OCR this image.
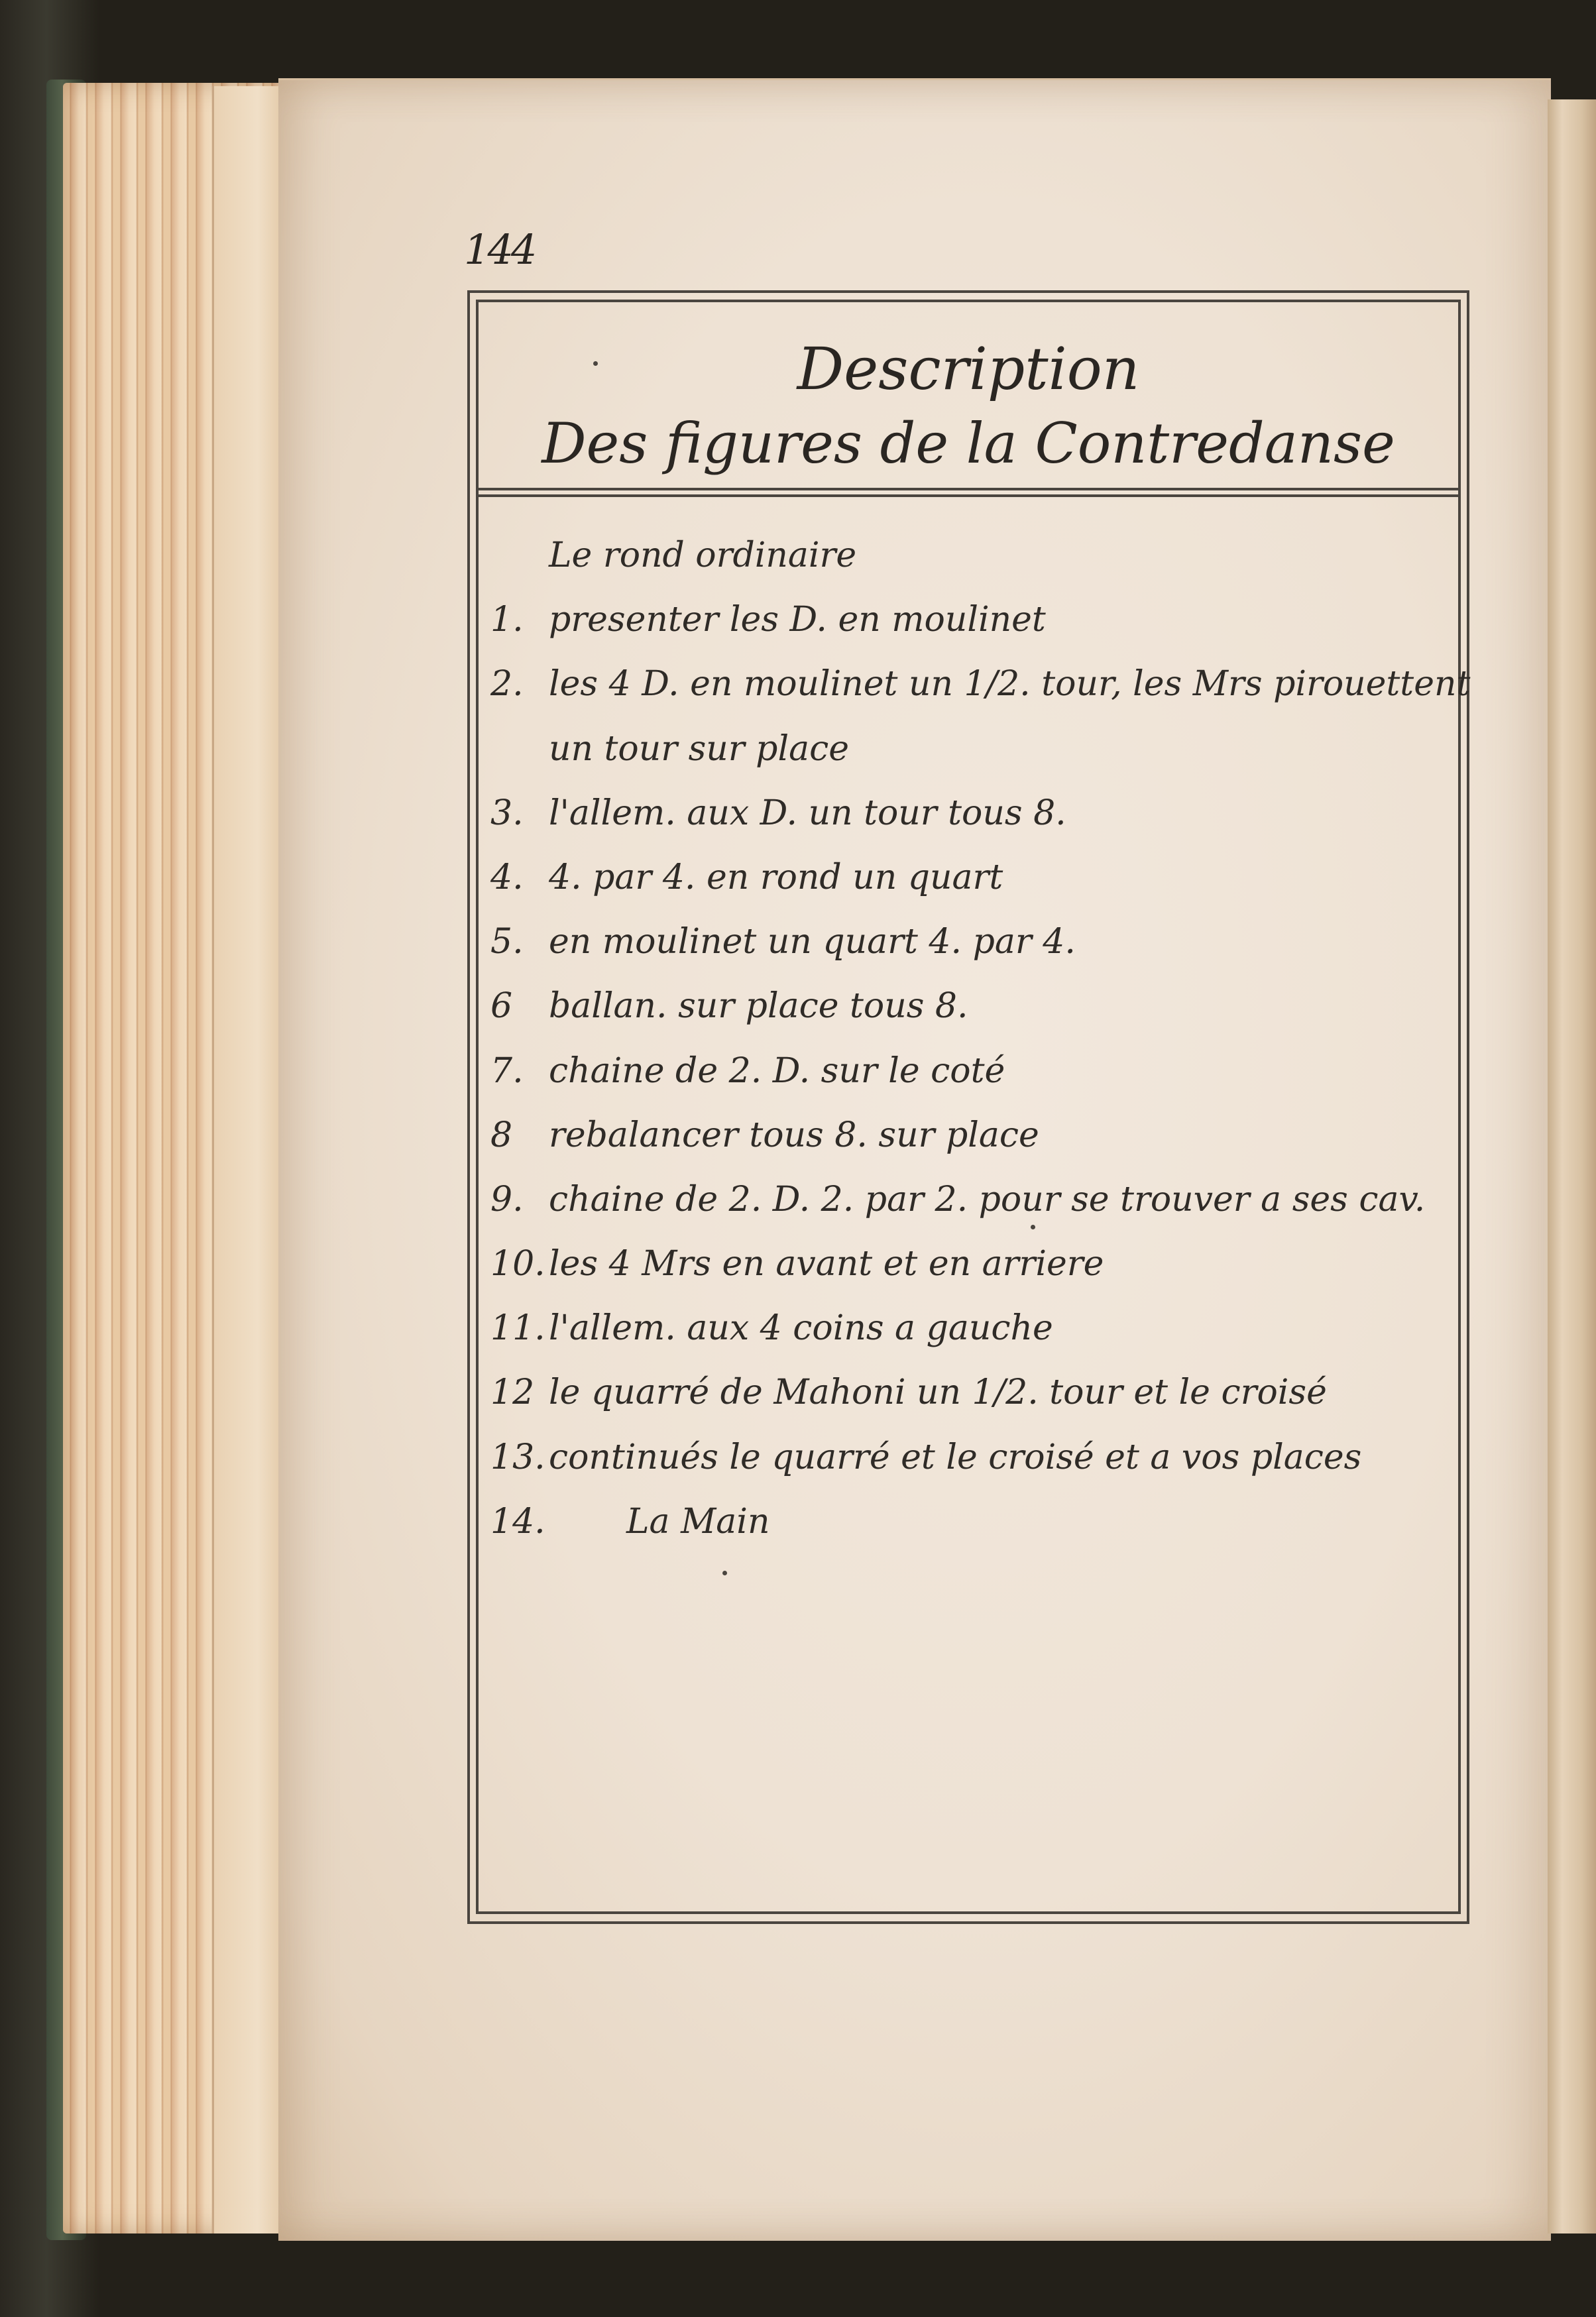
144
Description
Des figures de la Contredanse
Le rond ordinaire
1. presenter les D. en moulinet
2. les 4 D. en moulinet un 1/2. tour, les Mrs pirouettent
un tour sur place
3. l'allem. aux D. un tour tous 8.
4. 4. par 4. en rond un quart
5. en moulinet un quart 4. par 4.
6	ballan. sur place tous 8.
7. chaine de 2. D. sur le coté
8	rebalancer tous 8. sur place
9. chaine de 2. D. 2. par 2. pour se trouver a ses cav.
10. les 4 Mrs en avant et en arriere
11. l'allem. aux 4 coins a gauche
12 le quarré de Mahoni un 1/2. tour et le croisé
13. continués le quarré et le croisé et a vos places
14. La Main
